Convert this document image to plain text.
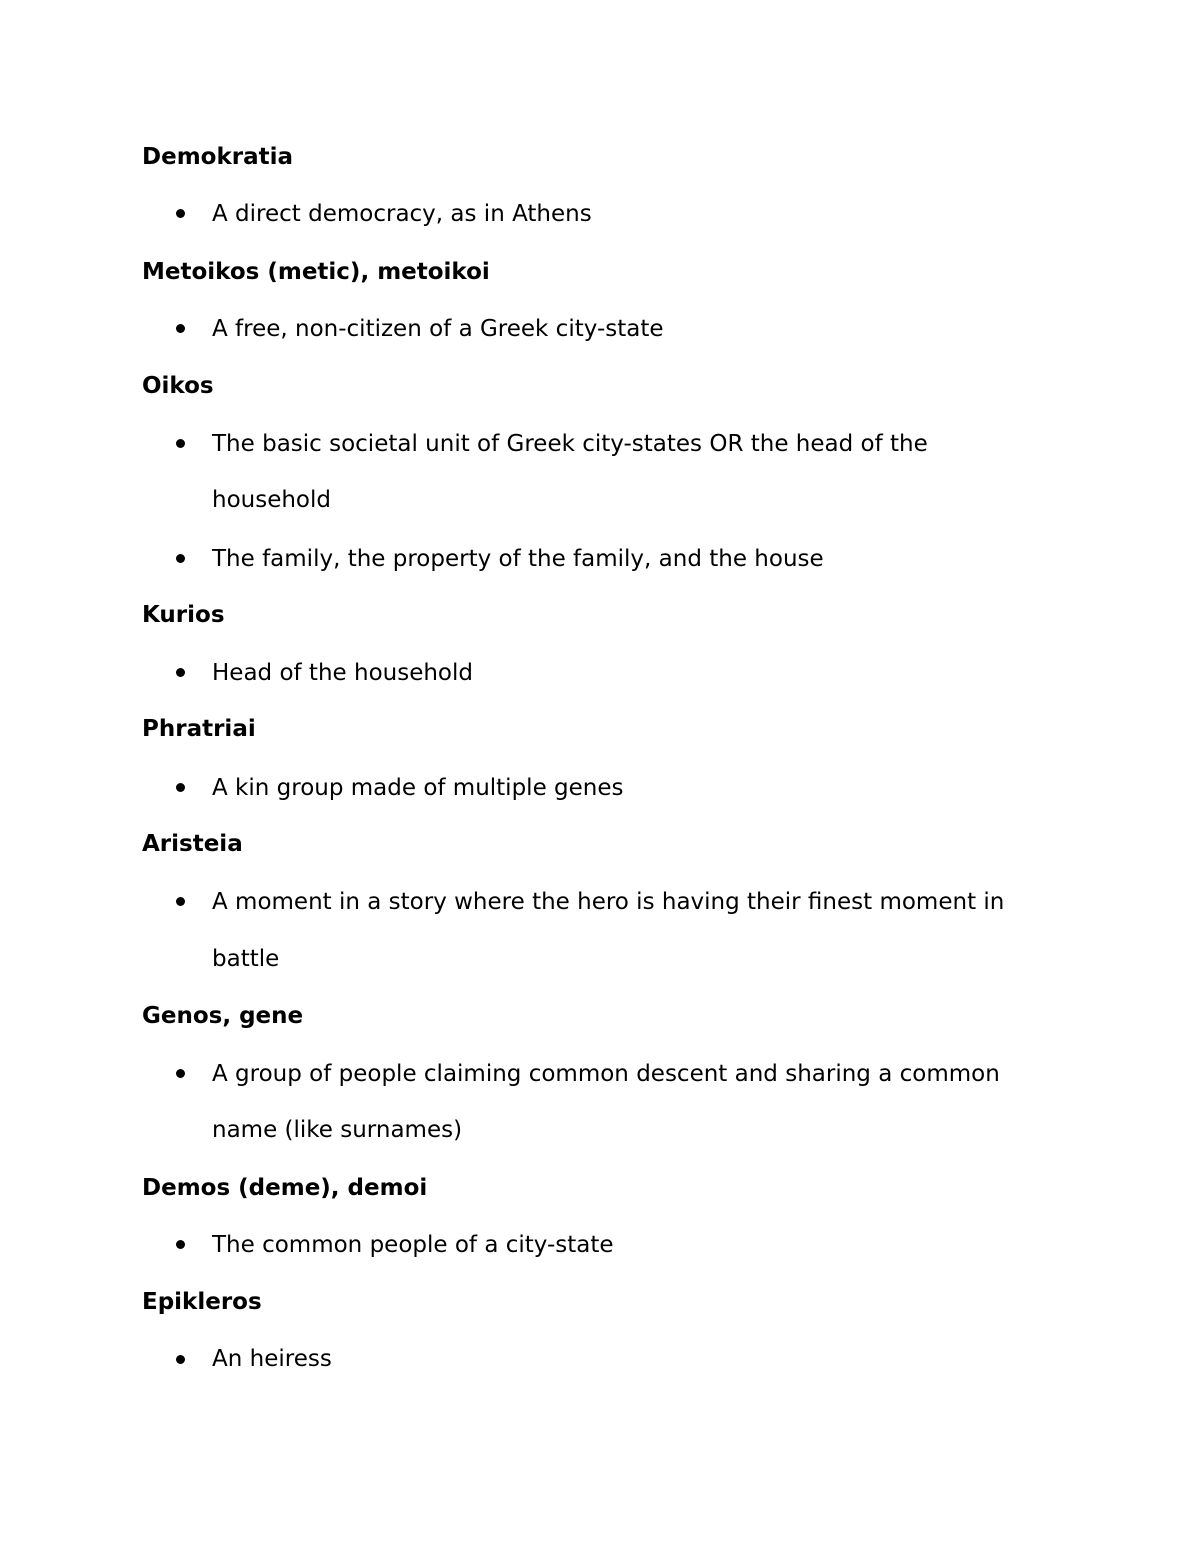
Demokratia
A direct democracy, as in Athens
Metoikos (metic), metoikoi
A free, non-citizen of a Greek city-state
Oikos
The basic societal unit of Greek city-states OR the head of the
household
The family, the property of the family, and the house
Kurios
Head of the household
Phratriai
A kin group made of multiple genes
Aristeia
A moment in a story where the hero is having their finest moment in
battle
Genos, gene
A group of people claiming common descent and sharing a common
name (like surnames)
Demos (deme), demoi
The common people of a city-state
Epikleros
An heiress
